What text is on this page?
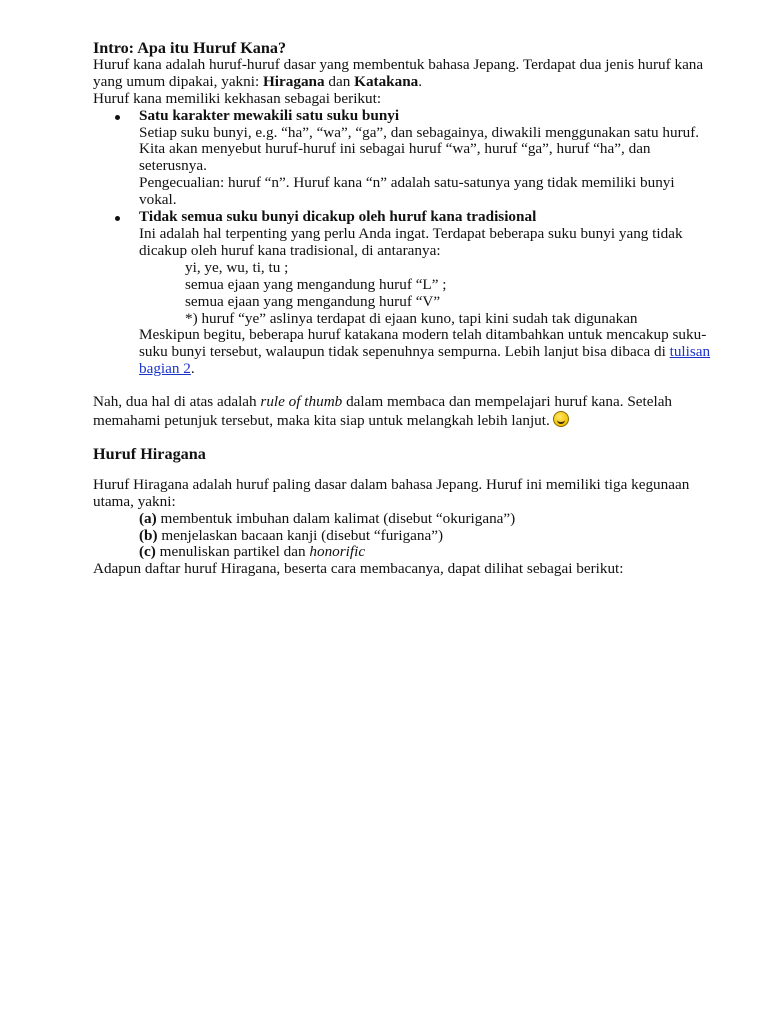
Intro: Apa itu Huruf Kana?

Huruf kana adalah huruf-huruf dasar yang membentuk bahasa Jepang. Terdapat dua jenis huruf kana yang umum dipakai, yakni: Hiragana dan Katakana.

Huruf kana memiliki kekhasan sebagai berikut:

Satu karakter mewakili satu suku bunyi
Setiap suku bunyi, e.g. “ha”, “wa”, “ga”, dan sebagainya, diwakili menggunakan satu huruf. Kita akan menyebut huruf-huruf ini sebagai huruf “wa”, huruf “ga”, huruf “ha”, dan seterusnya.
Pengecualian: huruf “n”. Huruf kana “n” adalah satu-satunya yang tidak memiliki bunyi vokal.
Tidak semua suku bunyi dicakup oleh huruf kana tradisional
Ini adalah hal terpenting yang perlu Anda ingat. Terdapat beberapa suku bunyi yang tidak dicakup oleh huruf kana tradisional, di antaranya:
yi, ye, wu, ti, tu ;
semua ejaan yang mengandung huruf “L” ;
semua ejaan yang mengandung huruf “V”
*) huruf “ye” aslinya terdapat di ejaan kuno, tapi kini sudah tak digunakan
Meskipun begitu, beberapa huruf katakana modern telah ditambahkan untuk mencakup suku-suku bunyi tersebut, walaupun tidak sepenuhnya sempurna. Lebih lanjut bisa dibaca di tulisan bagian 2.

Nah, dua hal di atas adalah rule of thumb dalam membaca dan mempelajari huruf kana. Setelah memahami petunjuk tersebut, maka kita siap untuk melangkah lebih lanjut.

Huruf Hiragana

Huruf Hiragana adalah huruf paling dasar dalam bahasa Jepang. Huruf ini memiliki tiga kegunaan utama, yakni:

(a) membentuk imbuhan dalam kalimat (disebut “okurigana”)
(b) menjelaskan bacaan kanji (disebut “furigana”)
(c) menuliskan partikel dan honorific

Adapun daftar huruf Hiragana, beserta cara membacanya, dapat dilihat sebagai berikut:
